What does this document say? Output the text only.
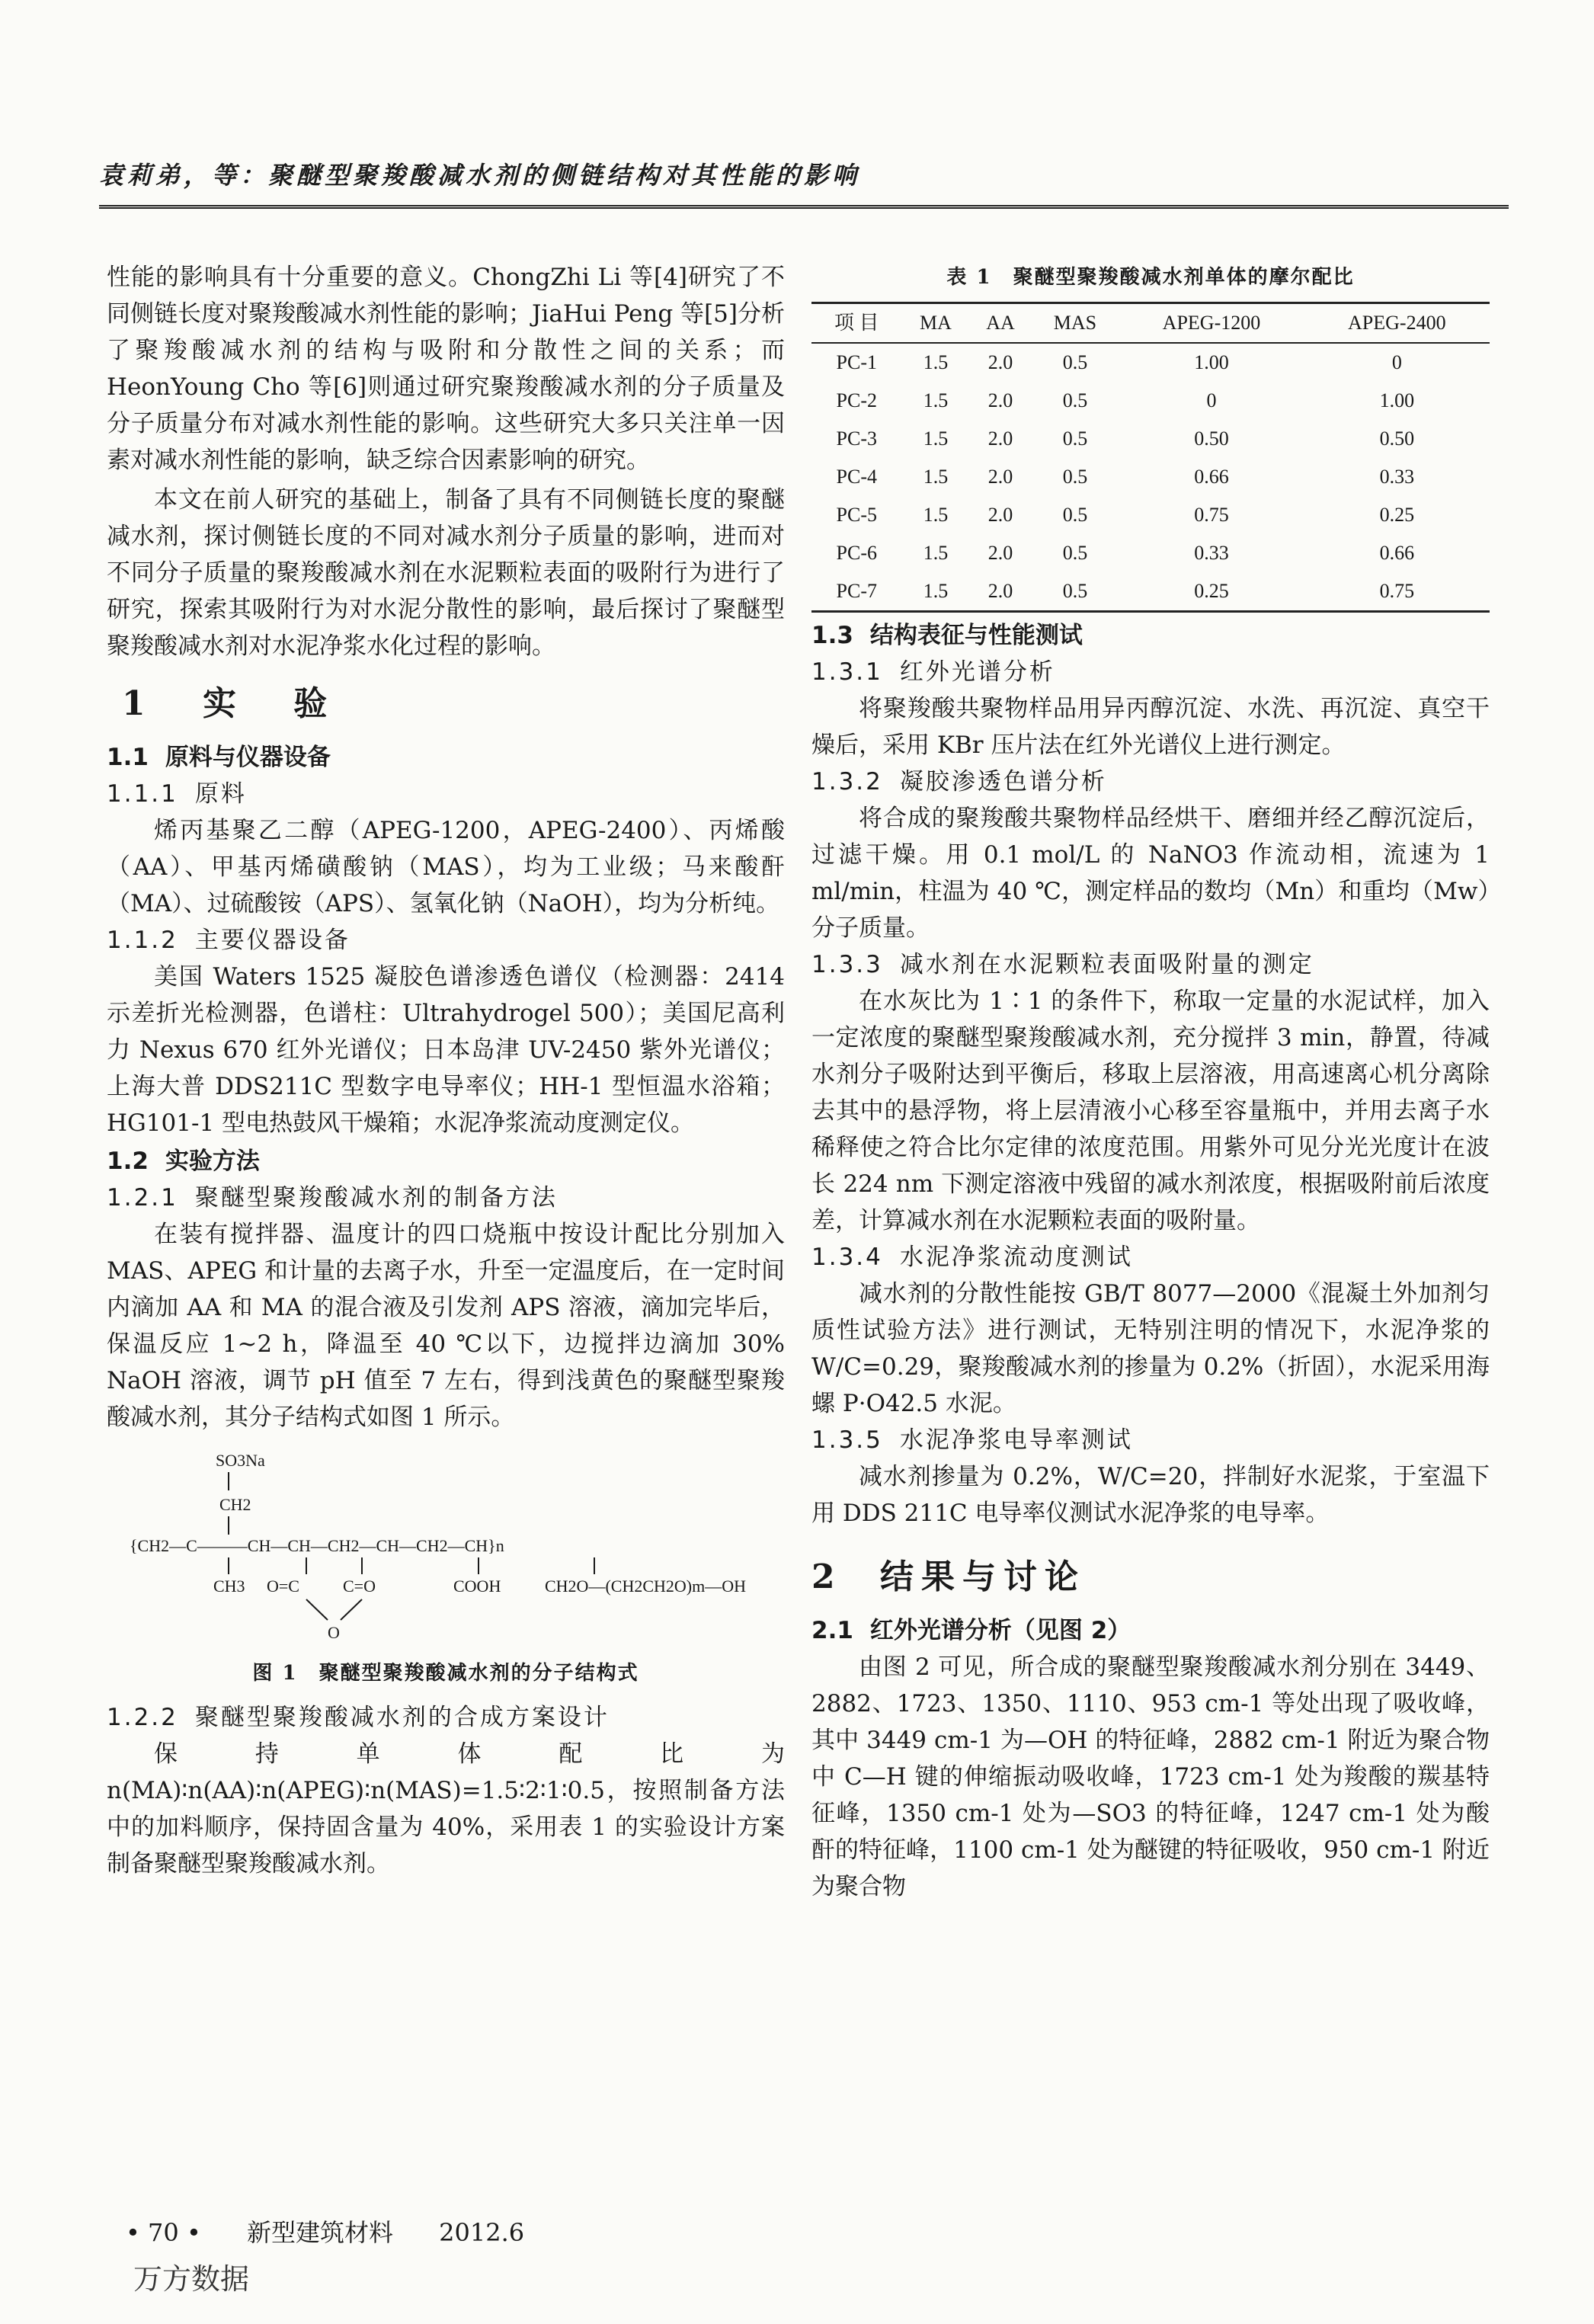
袁莉弟，等：聚醚型聚羧酸减水剂的侧链结构对其性能的影响

性能的影响具有十分重要的意义。ChongZhi Li 等[4]研究了不同侧链长度对聚羧酸减水剂性能的影响；JiaHui Peng 等[5]分析了聚羧酸减水剂的结构与吸附和分散性之间的关系；而HeonYoung Cho 等[6]则通过研究聚羧酸减水剂的分子质量及分子质量分布对减水剂性能的影响。这些研究大多只关注单一因素对减水剂性能的影响，缺乏综合因素影响的研究。

本文在前人研究的基础上，制备了具有不同侧链长度的聚醚减水剂，探讨侧链长度的不同对减水剂分子质量的影响，进而对不同分子质量的聚羧酸减水剂在水泥颗粒表面的吸附行为进行了研究，探索其吸附行为对水泥分散性的影响，最后探讨了聚醚型聚羧酸减水剂对水泥净浆水化过程的影响。

1 实 验
1.1 原料与仪器设备
1.1.1 原料

烯丙基聚乙二醇（APEG-1200，APEG-2400）、丙烯酸（AA）、甲基丙烯磺酸钠（MAS），均为工业级；马来酸酐（MA）、过硫酸铵（APS）、氢氧化钠（NaOH），均为分析纯。

1.1.2 主要仪器设备

美国 Waters 1525 凝胶色谱渗透色谱仪（检测器：2414 示差折光检测器，色谱柱：Ultrahydrogel 500）；美国尼高利力 Nexus 670 红外光谱仪；日本岛津 UV-2450 紫外光谱仪；上海大普 DDS211C 型数字电导率仪；HH-1 型恒温水浴箱；HG101-1 型电热鼓风干燥箱；水泥净浆流动度测定仪。

1.2 实验方法
1.2.1 聚醚型聚羧酸减水剂的制备方法

在装有搅拌器、温度计的四口烧瓶中按设计配比分别加入 MAS、APEG 和计量的去离子水，升至一定温度后，在一定时间内滴加 AA 和 MA 的混合液及引发剂 APS 溶液，滴加完毕后，保温反应 1~2 h，降温至 40 ℃以下，边搅拌边滴加 30% NaOH 溶液，调节 pH 值至 7 左右，得到浅黄色的聚醚型聚羧酸减水剂，其分子结构式如图 1 所示。

SO3Na
CH2
{CH2—C———CH—CH—CH2—CH—CH2—CH}n
CH3 O=C	C=O	COOH	CH2O—(CH2CH2O)m—OH
O
图 1　聚醚型聚羧酸减水剂的分子结构式
1.2.2 聚醚型聚羧酸减水剂的合成方案设计

保持单体配比为 n(MA)∶n(AA)∶n(APEG)∶n(MAS)=1.5∶2∶1∶0.5，按照制备方法中的加料顺序，保持固含量为 40%，采用表 1 的实验设计方案制备聚醚型聚羧酸减水剂。

表 1　聚醚型聚羧酸减水剂单体的摩尔配比
项 目	MA	AA	MAS	APEG-1200	APEG-2400
PC-1	1.5	2.0	0.5	1.00	0
PC-2	1.5	2.0	0.5	0	1.00
PC-3	1.5	2.0	0.5	0.50	0.50
PC-4	1.5	2.0	0.5	0.66	0.33
PC-5	1.5	2.0	0.5	0.75	0.25
PC-6	1.5	2.0	0.5	0.33	0.66
PC-7	1.5	2.0	0.5	0.25	0.75
1.3 结构表征与性能测试
1.3.1 红外光谱分析

将聚羧酸共聚物样品用异丙醇沉淀、水洗、再沉淀、真空干燥后，采用 KBr 压片法在红外光谱仪上进行测定。

1.3.2 凝胶渗透色谱分析

将合成的聚羧酸共聚物样品经烘干、磨细并经乙醇沉淀后，过滤干燥。用 0.1 mol/L 的 NaNO3 作流动相，流速为 1 ml/min，柱温为 40 ℃，测定样品的数均（Mn）和重均（Mw）分子质量。

1.3.3 减水剂在水泥颗粒表面吸附量的测定

在水灰比为 1∶1 的条件下，称取一定量的水泥试样，加入一定浓度的聚醚型聚羧酸减水剂，充分搅拌 3 min，静置，待减水剂分子吸附达到平衡后，移取上层溶液，用高速离心机分离除去其中的悬浮物，将上层清液小心移至容量瓶中，并用去离子水稀释使之符合比尔定律的浓度范围。用紫外可见分光光度计在波长 224 nm 下测定溶液中残留的减水剂浓度，根据吸附前后浓度差，计算减水剂在水泥颗粒表面的吸附量。

1.3.4 水泥净浆流动度测试

减水剂的分散性能按 GB/T 8077—2000《混凝土外加剂匀质性试验方法》进行测试，无特别注明的情况下，水泥净浆的 W/C=0.29，聚羧酸减水剂的掺量为 0.2%（折固），水泥采用海螺 P·O42.5 水泥。

1.3.5 水泥净浆电导率测试

减水剂掺量为 0.2%，W/C=20，拌制好水泥浆，于室温下用 DDS 211C 电导率仪测试水泥净浆的电导率。

2 结果与讨论
2.1 红外光谱分析（见图 2）

由图 2 可见，所合成的聚醚型聚羧酸减水剂分别在 3449、2882、1723、1350、1110、953 cm-1 等处出现了吸收峰，其中 3449 cm-1 为—OH 的特征峰，2882 cm-1 附近为聚合物中 C—H 键的伸缩振动吸收峰，1723 cm-1 处为羧酸的羰基特征峰，1350 cm-1 处为—SO3 的特征峰，1247 cm-1 处为酸酐的特征峰，1100 cm-1 处为醚键的特征吸收，950 cm-1 附近为聚合物

• 70 • 新型建筑材料 2012.6
万方数据
